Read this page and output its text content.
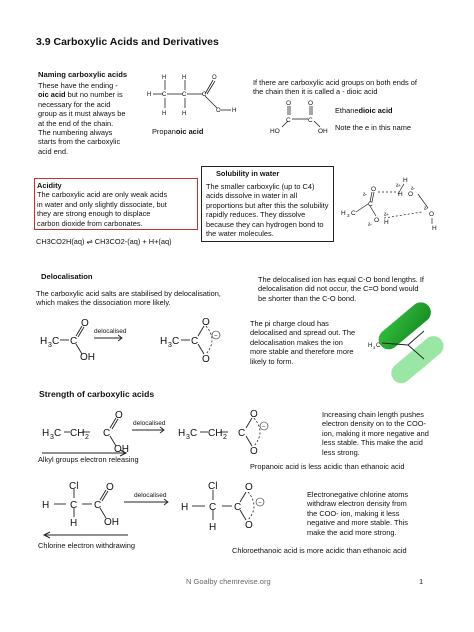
3.9 Carboxylic Acids and Derivatives
Naming carboxylic acids
These have the ending -
oic acid but no number is
necessary for the acid
group as it must always be
at the end of the chain.
The numbering always
starts from the carboxylic
acid end.
H C	C	C
H
H
H
H
O
O H
Propanoic acid
If there are carboxylic acid groups on both ends of
the chain then it is called a - dioic acid
O	O
C	C
HO	OH
Ethanedioic acid
Note the e in this name
Acidity
The carboxylic acid are only weak acids
in water and only slightly dissociate, but
they are strong enough to displace
carbon dioxide from carbonates.
CH3CO2H(aq) ⇌ CH3CO2-(aq) + H+(aq)
Solubility in water
The smaller carboxylic (up to C4)
acids dissolve in water in all
proportions but after this the solubility
rapidly reduces. They dissolve
because they can hydrogen bond to
the water molecules.
H 3 C
C
O
O H
H O
H
O
H
δ-
δ+
δ-
δ-
δ+
δ-
Delocalisation
The carboxylic acid salts are stabilised by delocalisation,
which makes the dissociation more likely.
The delocalised ion has equal C-O bond lengths. If
delocalisation did not occur, the C=O bond would
be shorter than the C-O bond.
−
H 3 C C
O
OH
H 3 C C
O
O
delocalised
The pi charge cloud has
delocalised and spread out. The
delocalisation makes the ion
more stable and therefore more
likely to form.
H 3 C
Strength of carboxylic acids
−
H 3 C CH 2 C
O
OH
H 3 C CH 2 C
O
O
delocalised
Alkyl groups electron releasing
Increasing chain length pushes
electron density on to the COO-
ion, making it more negative and
less stable. This make the acid
less strong.
Propanoic acid is less acidic than ethanoic acid
−
Cl
H C C
O
OH
H
Cl
H C C
O
O
H
delocalised
Chlorine electron withdrawing
Electronegative chlorine atoms
withdraw electron density from
the COO- ion, making it less
negative and more stable. This
make the acid more strong.
Chloroethanoic acid is more acidic than ethanoic acid
N Goalby chemrevise.org	1
